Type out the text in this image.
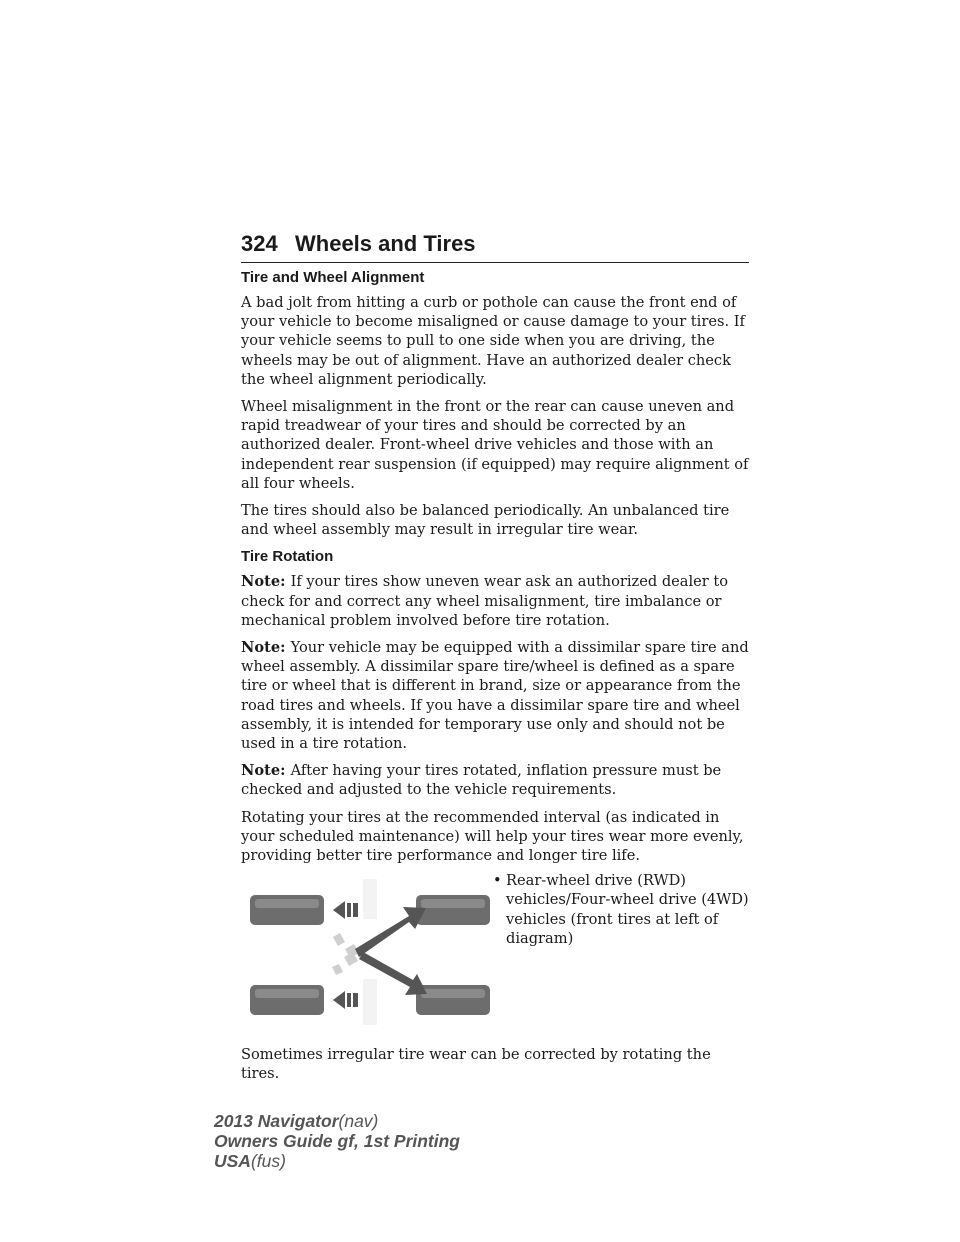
324 Wheels and Tires
Tire and Wheel Alignment

A bad jolt from hitting a curb or pothole can cause the front end of your vehicle to become misaligned or cause damage to your tires. If your vehicle seems to pull to one side when you are driving, the wheels may be out of alignment. Have an authorized dealer check the wheel alignment periodically.

Wheel misalignment in the front or the rear can cause uneven and rapid treadwear of your tires and should be corrected by an authorized dealer. Front-wheel drive vehicles and those with an independent rear suspension (if equipped) may require alignment of all four wheels.

The tires should also be balanced periodically. An unbalanced tire and wheel assembly may result in irregular tire wear.

Tire Rotation

Note: If your tires show uneven wear ask an authorized dealer to check for and correct any wheel misalignment, tire imbalance or mechanical problem involved before tire rotation.

Note: Your vehicle may be equipped with a dissimilar spare tire and wheel assembly. A dissimilar spare tire/wheel is defined as a spare tire or wheel that is different in brand, size or appearance from the road tires and wheels. If you have a dissimilar spare tire and wheel assembly, it is intended for temporary use only and should not be used in a tire rotation.

Note: After having your tires rotated, inflation pressure must be checked and adjusted to the vehicle requirements.

Rotating your tires at the recommended interval (as indicated in your scheduled maintenance) will help your tires wear more evenly, providing better tire performance and longer tire life.

• Rear-wheel drive (RWD) vehicles/Four-wheel drive (4WD) vehicles (front tires at left of diagram)

Sometimes irregular tire wear can be corrected by rotating the tires.

2013 Navigator(nav)
Owners Guide gf, 1st Printing
USA(fus)
